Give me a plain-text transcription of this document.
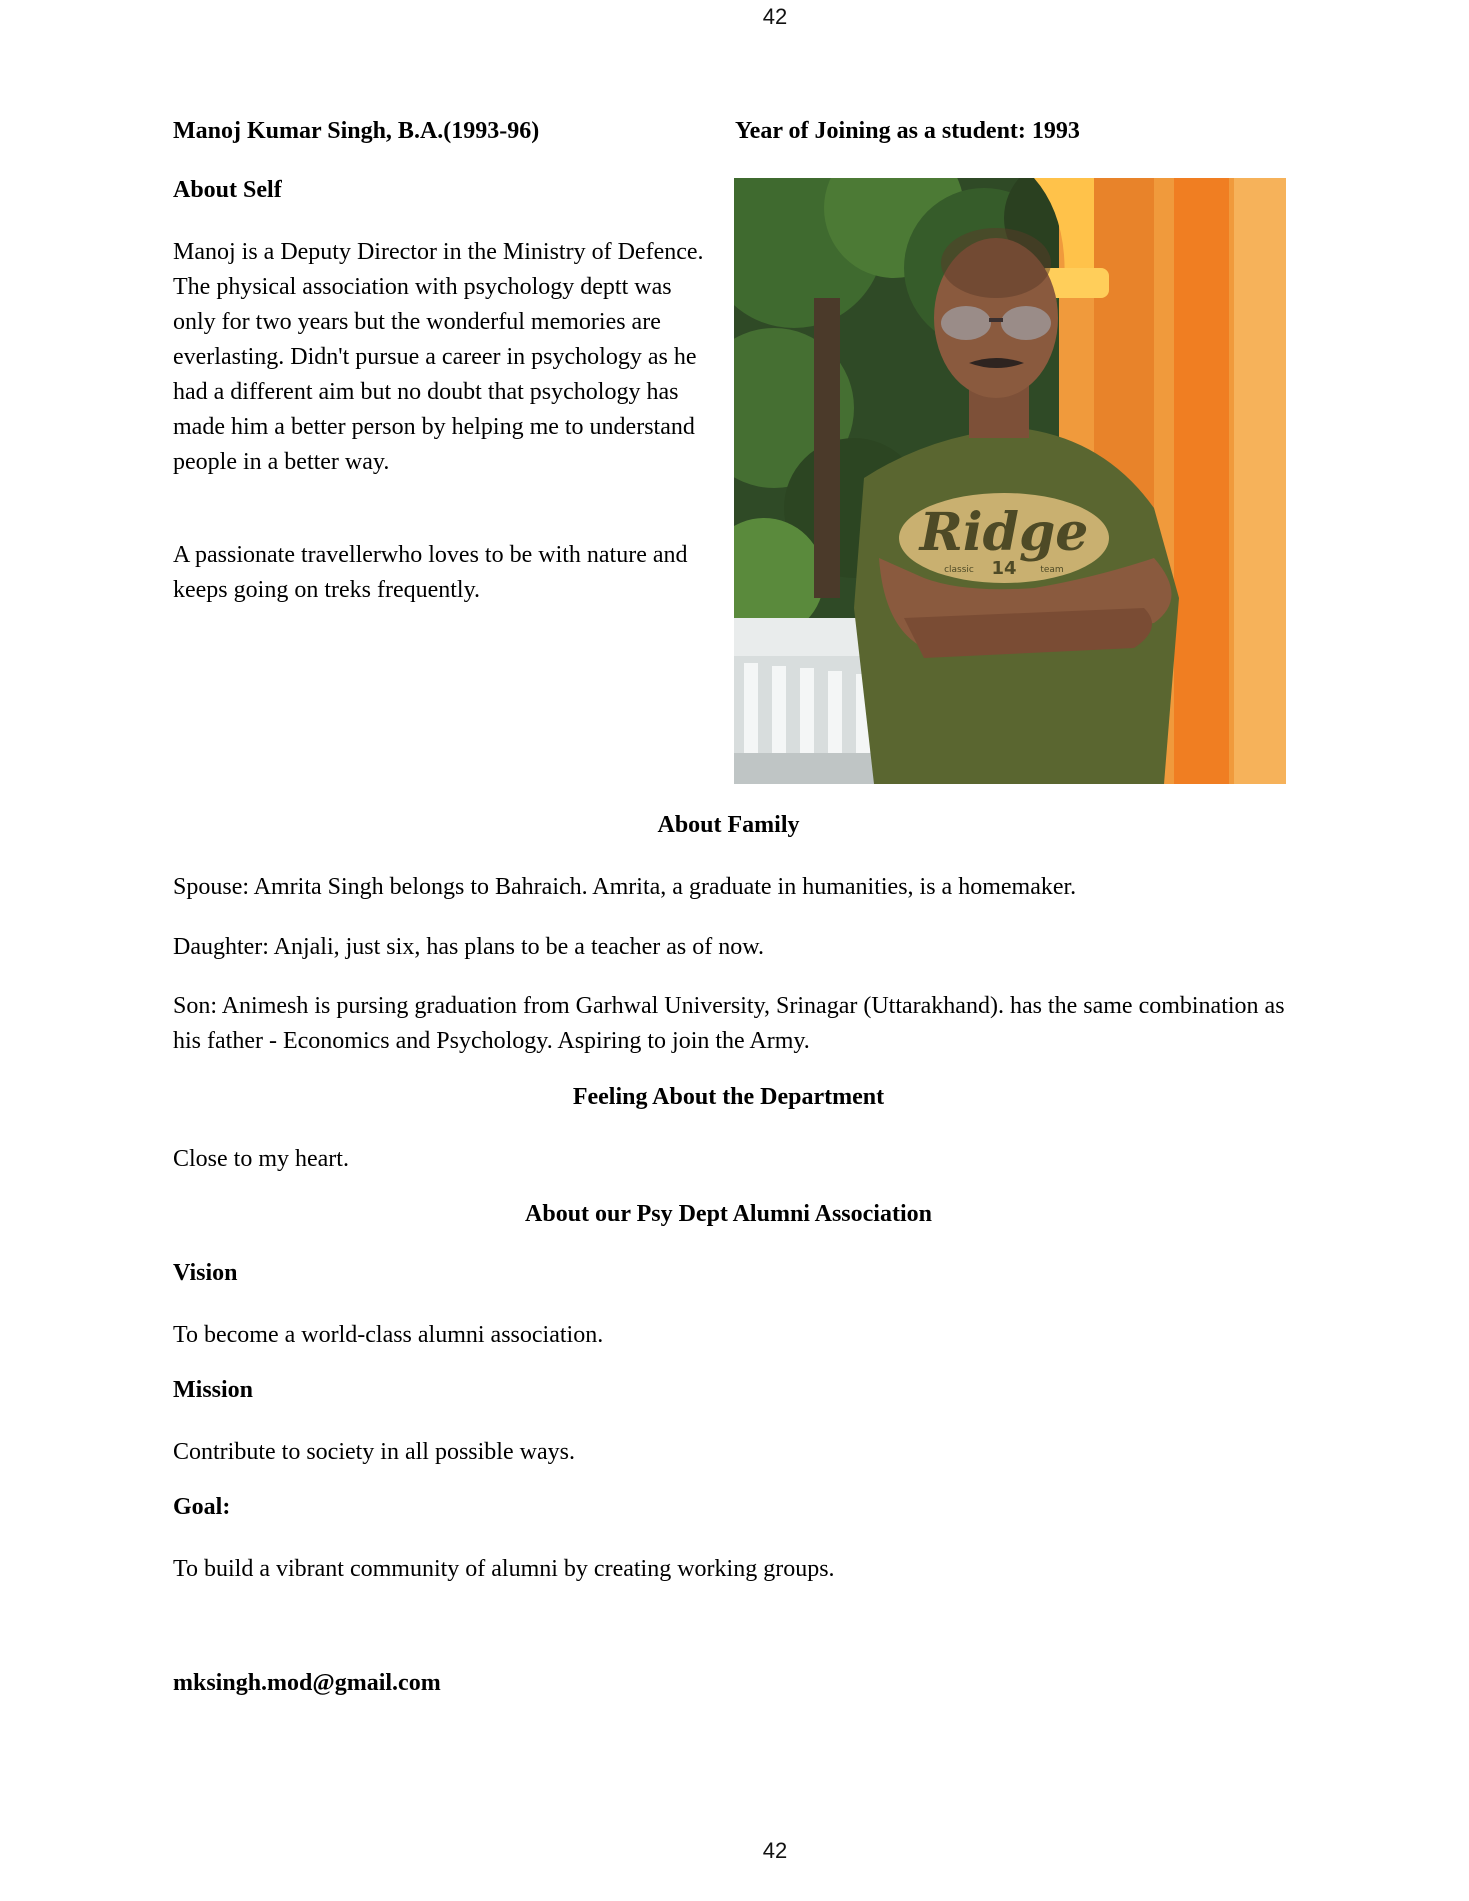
42
Manoj Kumar Singh, B.A.(1993-96)	Year of Joining as a student: 1993
About Self
Manoj is a Deputy Director in the Ministry of Defence. The physical association with psychology deptt was only for two years but the wonderful memories are everlasting. Didn't pursue a career in psychology as he had a different aim but no doubt that psychology has made him a better person by helping me to understand people in a better way.
A passionate travellerwho loves to be with nature and keeps going on treks frequently.
Ridge
14
classic	team
About Family
Spouse: Amrita Singh belongs to Bahraich. Amrita, a graduate in humanities, is a homemaker.
Daughter: Anjali, just six, has plans to be a teacher as of now.
Son: Animesh is pursing graduation from Garhwal University, Srinagar (Uttarakhand). has the same combination as his father - Economics and Psychology. Aspiring to join the Army.
Feeling About the Department
Close to my heart.
About our Psy Dept Alumni Association
Vision
To become a world-class alumni association.
Mission
Contribute to society in all possible ways.
Goal:
To build a vibrant community of alumni by creating working groups.
mksingh.mod@gmail.com
42
